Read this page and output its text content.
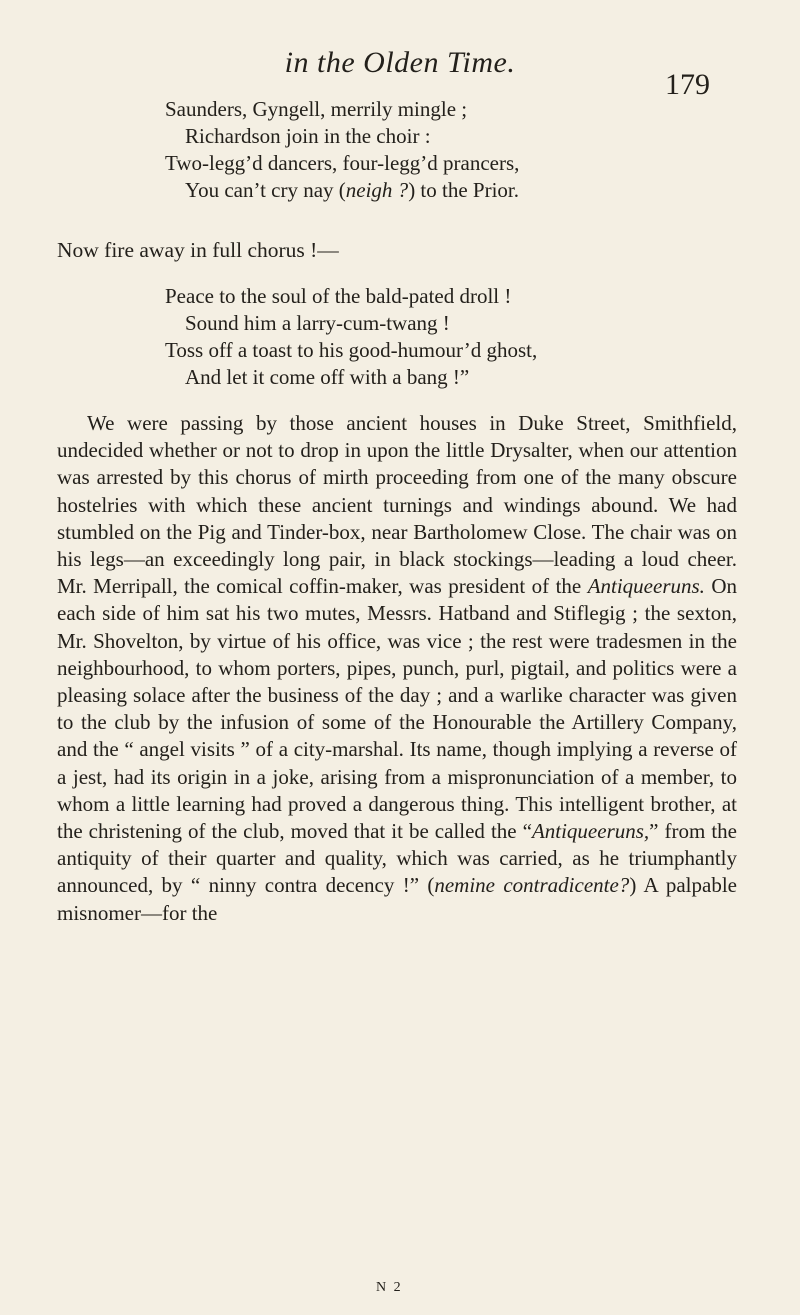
in the Olden Time.
179
Saunders, Gyngell, merrily mingle ;
Richardson join in the choir :
Two-legg’d dancers, four-legg’d prancers,
You can’t cry nay (neigh ?) to the Prior.
Now fire away in full chorus !—
Peace to the soul of the bald-pated droll !
Sound him a larry-cum-twang !
Toss off a toast to his good-humour’d ghost,
And let it come off with a bang !”

We were passing by those ancient houses in Duke Street, Smithfield, undecided whether or not to drop in upon the little Drysalter, when our attention was arrested by this chorus of mirth proceeding from one of the many obscure hostelries with which these ancient turnings and windings abound. We had stumbled on the Pig and Tinder-box, near Bartholomew Close. The chair was on his legs—an exceedingly long pair, in black stockings—leading a loud cheer. Mr. Merripall, the comical coffin-maker, was president of the Antiqueeruns. On each side of him sat his two mutes, Messrs. Hatband and Stiflegig ; the sexton, Mr. Shovelton, by virtue of his office, was vice ; the rest were tradesmen in the neighbourhood, to whom porters, pipes, punch, purl, pigtail, and politics were a pleasing solace after the business of the day ; and a warlike character was given to the club by the infusion of some of the Honourable the Artillery Company, and the “ angel visits ” of a city-marshal. Its name, though implying a reverse of a jest, had its origin in a joke, arising from a mispronunciation of a member, to whom a little learning had proved a dangerous thing. This intelligent brother, at the christening of the club, moved that it be called the “Antiqueeruns,” from the antiquity of their quarter and quality, which was carried, as he triumphantly announced, by “ ninny contra decency !” (nemine contradicente?) A palpable misnomer—for the

N 2
